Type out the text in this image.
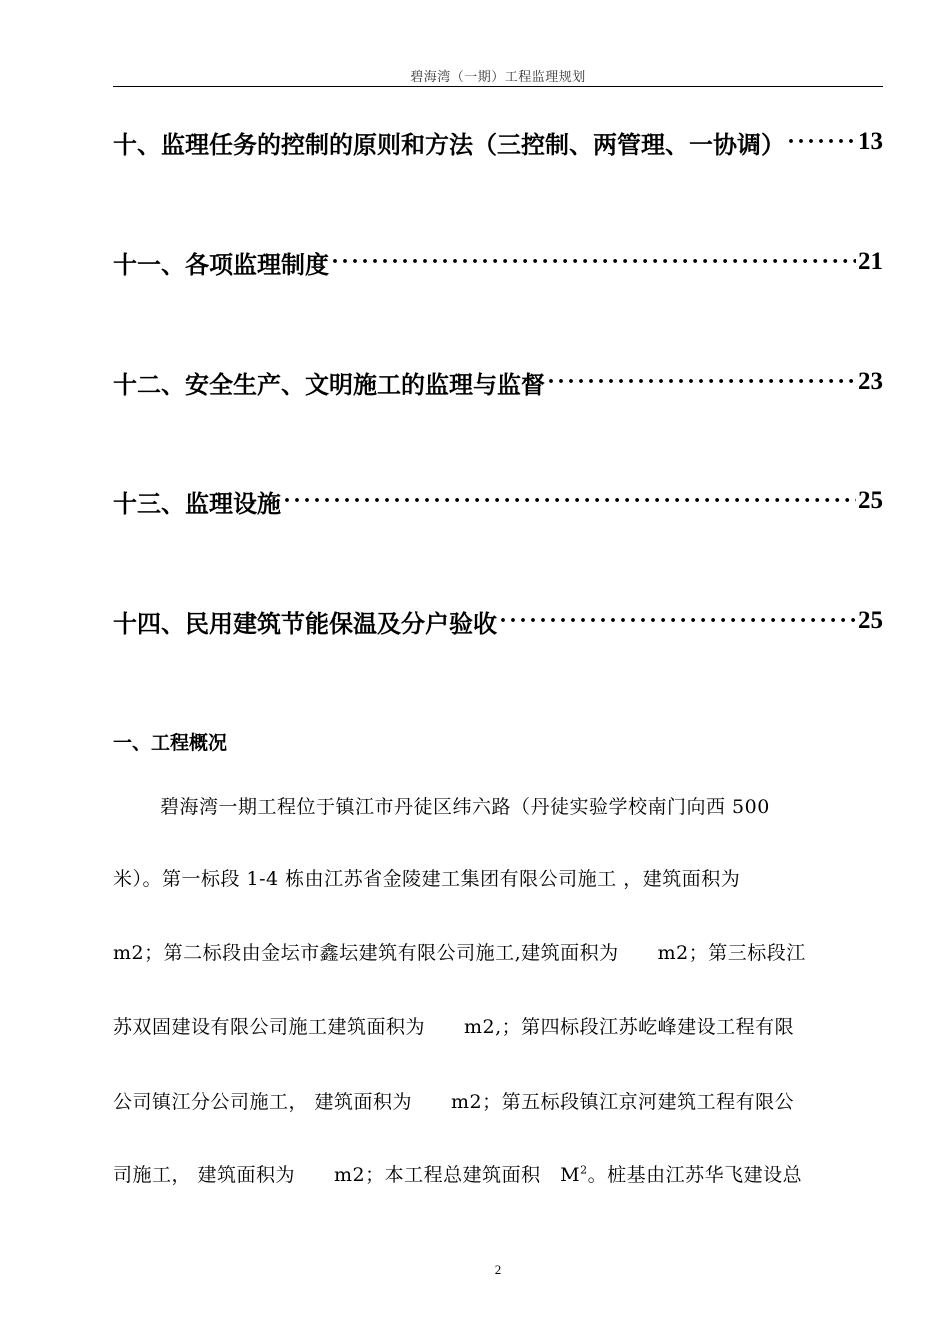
碧海湾（一期）工程监理规划
十、监理任务的控制的原则和方法（三控制、两管理、一协调） ·····	13
十一、各项监理制度 ·····	21
十二、安全生产、文明施工的监理与监督 ·····	23
十三、监理设施 ·····	25
十四、民用建筑节能保温及分户验收 ·····	25
一、工程概况
碧海湾一期工程位于镇江市丹徒区纬六路（丹徒实验学校南门向西 500
米）。第一标段 1-4 栋由江苏省金陵建工集团有限公司施工 ，建筑面积为
m2；第二标段由金坛市鑫坛建筑有限公司施工,建筑面积为　　m2；第三标段江
苏双固建设有限公司施工建筑面积为　　m2,；第四标段江苏屹峰建设工程有限
公司镇江分公司施工， 建筑面积为　　m2；第五标段镇江京河建筑工程有限公
司施工， 建筑面积为　　m2；本工程总建筑面积　$M^2$。桩基由江苏华飞建设总
2
